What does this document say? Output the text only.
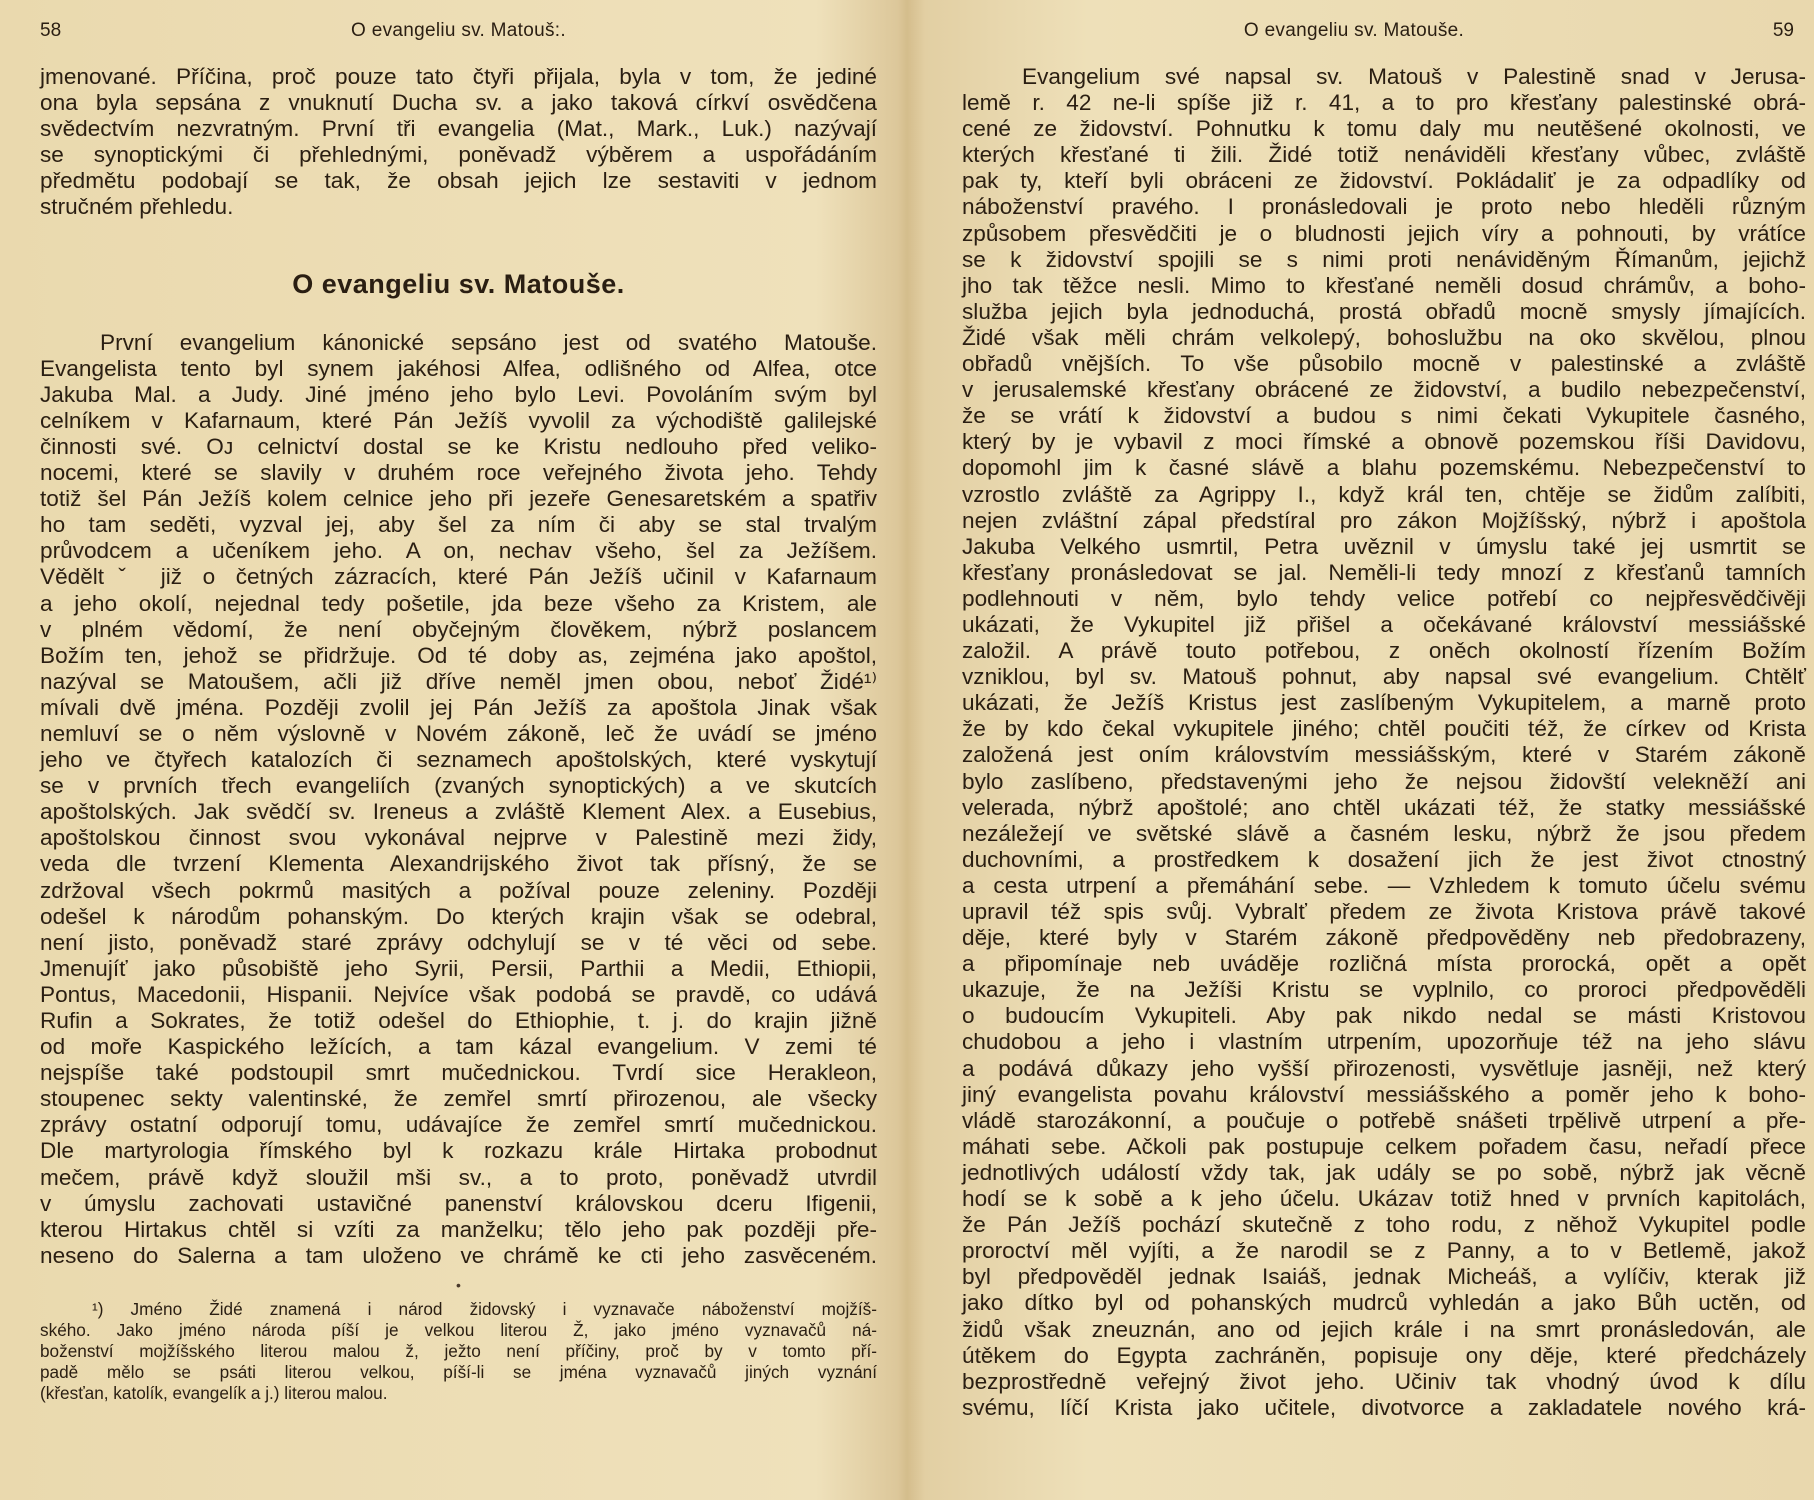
58	O evangeliu sv. Matouš:.
jmenované. Příčina, proč pouze tato čtyři přijala, byla v tom, že jediné
ona byla sepsána z vnuknutí Ducha sv. a jako taková církví osvědčena
svědectvím nezvratným. První tři evangelia (Mat., Mark., Luk.) nazývají
se synoptickými či přehlednými, poněvadž výběrem a uspořádáním
předmětu podobají se tak, že obsah jejich lze sestaviti v jednom
stručném přehledu.
O evangeliu sv. Matouše.
První evangelium kánonické sepsáno jest od svatého Matouše.
Evangelista tento byl synem jakéhosi Alfea, odlišného od Alfea, otce
Jakuba Mal. a Judy. Jiné jméno jeho bylo Levi. Povoláním svým byl
celníkem v Kafarnaum, které Pán Ježíš vyvolil za východiště galilejské
činnosti své. Oᴊ celnictví dostal se ke Kristu nedlouho před veliko-
nocemi, které se slavily v druhém roce veřejného života jeho. Tehdy
totiž šel Pán Ježíš kolem celnice jeho při jezeře Genesaretském a spatřiv
ho tam seděti, vyzval jej, aby šel za ním či aby se stal trvalým
průvodcem a učeníkem jeho. A on, nechav všeho, šel za Ježíšem.
Věděltˇ již o četných zázracích, které Pán Ježíš učinil v Kafarnaum
a jeho okolí, nejednal tedy pošetile, jda beze všeho za Kristem, ale
v plném vědomí, že není obyčejným člověkem, nýbrž poslancem
Božím ten, jehož se přidržuje. Od té doby as, zejména jako apoštol,
nazýval se Matoušem, ačli již dříve neměl jmen obou, neboť Židé¹⁾
mívali dvě jména. Později zvolil jej Pán Ježíš za apoštola Jinak však
nemluví se o něm výslovně v Novém zákoně, leč že uvádí se jméno
jeho ve čtyřech katalozích či seznamech apoštolských, které vyskytují
se v prvních třech evangeliích (zvaných synoptických) a ve skutcích
apoštolských. Jak svědčí sv. Ireneus a zvláště Klement Alex. a Eusebius,
apoštolskou činnost svou vykonával nejprve v Palestině mezi židy,
veda dle tvrzení Klementa Alexandrijského život tak přísný, že se
zdržoval všech pokrmů masitých a požíval pouze zeleniny. Později
odešel k národům pohanským. Do kterých krajin však se odebral,
není jisto, poněvadž staré zprávy odchylují se v té věci od sebe.
Jmenujíť jako působiště jeho Syrii, Persii, Parthii a Medii, Ethiopii,
Pontus, Macedonii, Hispanii. Nejvíce však podobá se pravdě, co udává
Rufin a Sokrates, že totiž odešel do Ethiophie, t. j. do krajin jižně
od moře Kaspického ležících, a tam kázal evangelium. V zemi té
nejspíše také podstoupil smrt mučednickou. Tvrdí sice Herakleon,
stoupenec sekty valentinské, že zemřel smrtí přirozenou, ale všecky
zprávy ostatní odporují tomu, udávajíce že zemřel smrtí mučednickou.
Dle martyrologia římského byl k rozkazu krále Hirtaka probodnut
mečem, právě když sloužil mši sv., a to proto, poněvadž utvrdil
v úmyslu zachovati ustavičné panenství královskou dceru Ifigenii,
kterou Hirtakus chtěl si vzíti za manželku; tělo jeho pak později pře-
neseno do Salerna a tam uloženo ve chrámě ke cti jeho zasvěceném.
•
¹) Jméno Židé znamená i národ židovský i vyznavače náboženství mojžíš-
ského. Jako jméno národa píší je velkou literou Ž, jako jméno vyznavačů ná-
boženství mojžíšského literou malou ž, ježto není příčiny, proč by v tomto pří-
padě mělo se psáti literou velkou, píší-li se jména vyznavačů jiných vyznání
(křesťan, katolík, evangelík a j.) literou malou.
O evangeliu sv. Matouše.	59
Evangelium své napsal sv. Matouš v Palestině snad v Jerusa-
lemě r. 42 ne-li spíše již r. 41, a to pro křesťany palestinské obrá-
cené ze židovství. Pohnutku k tomu daly mu neutěšené okolnosti, ve
kterých křesťané ti žili. Židé totiž nenáviděli křesťany vůbec, zvláště
pak ty, kteří byli obráceni ze židovství. Pokládaliť je za odpadlíky od
náboženství pravého. I pronásledovali je proto nebo hleděli různým
způsobem přesvědčiti je o bludnosti jejich víry a pohnouti, by vrátíce
se k židovství spojili se s nimi proti nenáviděným Římanům, jejichž
jho tak těžce nesli. Mimo to křesťané neměli dosud chrámův, a boho-
služba jejich byla jednoduchá, prostá obřadů mocně smysly jímajících.
Židé však měli chrám velkolepý, bohoslužbu na oko skvělou, plnou
obřadů vnějších. To vše působilo mocně v palestinské a zvláště
v jerusalemské křesťany obrácené ze židovství, a budilo nebezpečenství,
že se vrátí k židovství a budou s nimi čekati Vykupitele časného,
který by je vybavil z moci římské a obnově pozemskou říši Davidovu,
dopomohl jim k časné slávě a blahu pozemskému. Nebezpečenství to
vzrostlo zvláště za Agrippy I., když král ten, chtěje se židům zalíbiti,
nejen zvláštní zápal předstíral pro zákon Mojžíšský, nýbrž i apoštola
Jakuba Velkého usmrtil, Petra uvěznil v úmyslu také jej usmrtit se
křesťany pronásledovat se jal. Neměli-li tedy mnozí z křesťanů tamních
podlehnouti v něm, bylo tehdy velice potřebí co nejpřesvědčivěji
ukázati, že Vykupitel již přišel a očekávané království messiášské
založil. A právě touto potřebou, z oněch okolností řízením Božím
vzniklou, byl sv. Matouš pohnut, aby napsal své evangelium. Chtělť
ukázati, že Ježíš Kristus jest zaslíbeným Vykupitelem, a marně proto
že by kdo čekal vykupitele jiného; chtěl poučiti též, že církev od Krista
založená jest oním královstvím messiášským, které v Starém zákoně
bylo zaslíbeno, představenými jeho že nejsou židovští velekněží ani
velerada, nýbrž apoštolé; ano chtěl ukázati též, že statky messiášské
nezáležejí ve světské slávě a časném lesku, nýbrž že jsou předem
duchovními, a prostředkem k dosažení jich že jest život ctnostný
a cesta utrpení a přemáhání sebe. — Vzhledem k tomuto účelu svému
upravil též spis svůj. Vybralť předem ze života Kristova právě takové
děje, které byly v Starém zákoně předpověděny neb předobrazeny,
a připomínaje neb uváděje rozličná místa prorocká, opět a opět
ukazuje, že na Ježíši Kristu se vyplnilo, co proroci předpověděli
o budoucím Vykupiteli. Aby pak nikdo nedal se másti Kristovou
chudobou a jeho i vlastním utrpením, upozorňuje též na jeho slávu
a podává důkazy jeho vyšší přirozenosti, vysvětluje jasněji, než který
jiný evangelista povahu království messiášského a poměr jeho k boho-
vládě starozákonní, a poučuje o potřebě snášeti trpělivě utrpení a pře-
máhati sebe. Ačkoli pak postupuje celkem pořadem času, neřadí přece
jednotlivých událostí vždy tak, jak udály se po sobě, nýbrž jak věcně
hodí se k sobě a k jeho účelu. Ukázav totiž hned v prvních kapitolách,
že Pán Ježíš pochází skutečně z toho rodu, z něhož Vykupitel podle
proroctví měl vyjíti, a že narodil se z Panny, a to v Betlemě, jakož
byl předpověděl jednak Isaiáš, jednak Micheáš, a vylíčiv, kterak již
jako dítko byl od pohanských mudrců vyhledán a jako Bůh uctěn, od
židů však zneuznán, ano od jejich krále i na smrt pronásledován, ale
útěkem do Egypta zachráněn, popisuje ony děje, které předcházely
bezprostředně veřejný život jeho. Učiniv tak vhodný úvod k dílu
svému, líčí Krista jako učitele, divotvorce a zakladatele nového krá-
